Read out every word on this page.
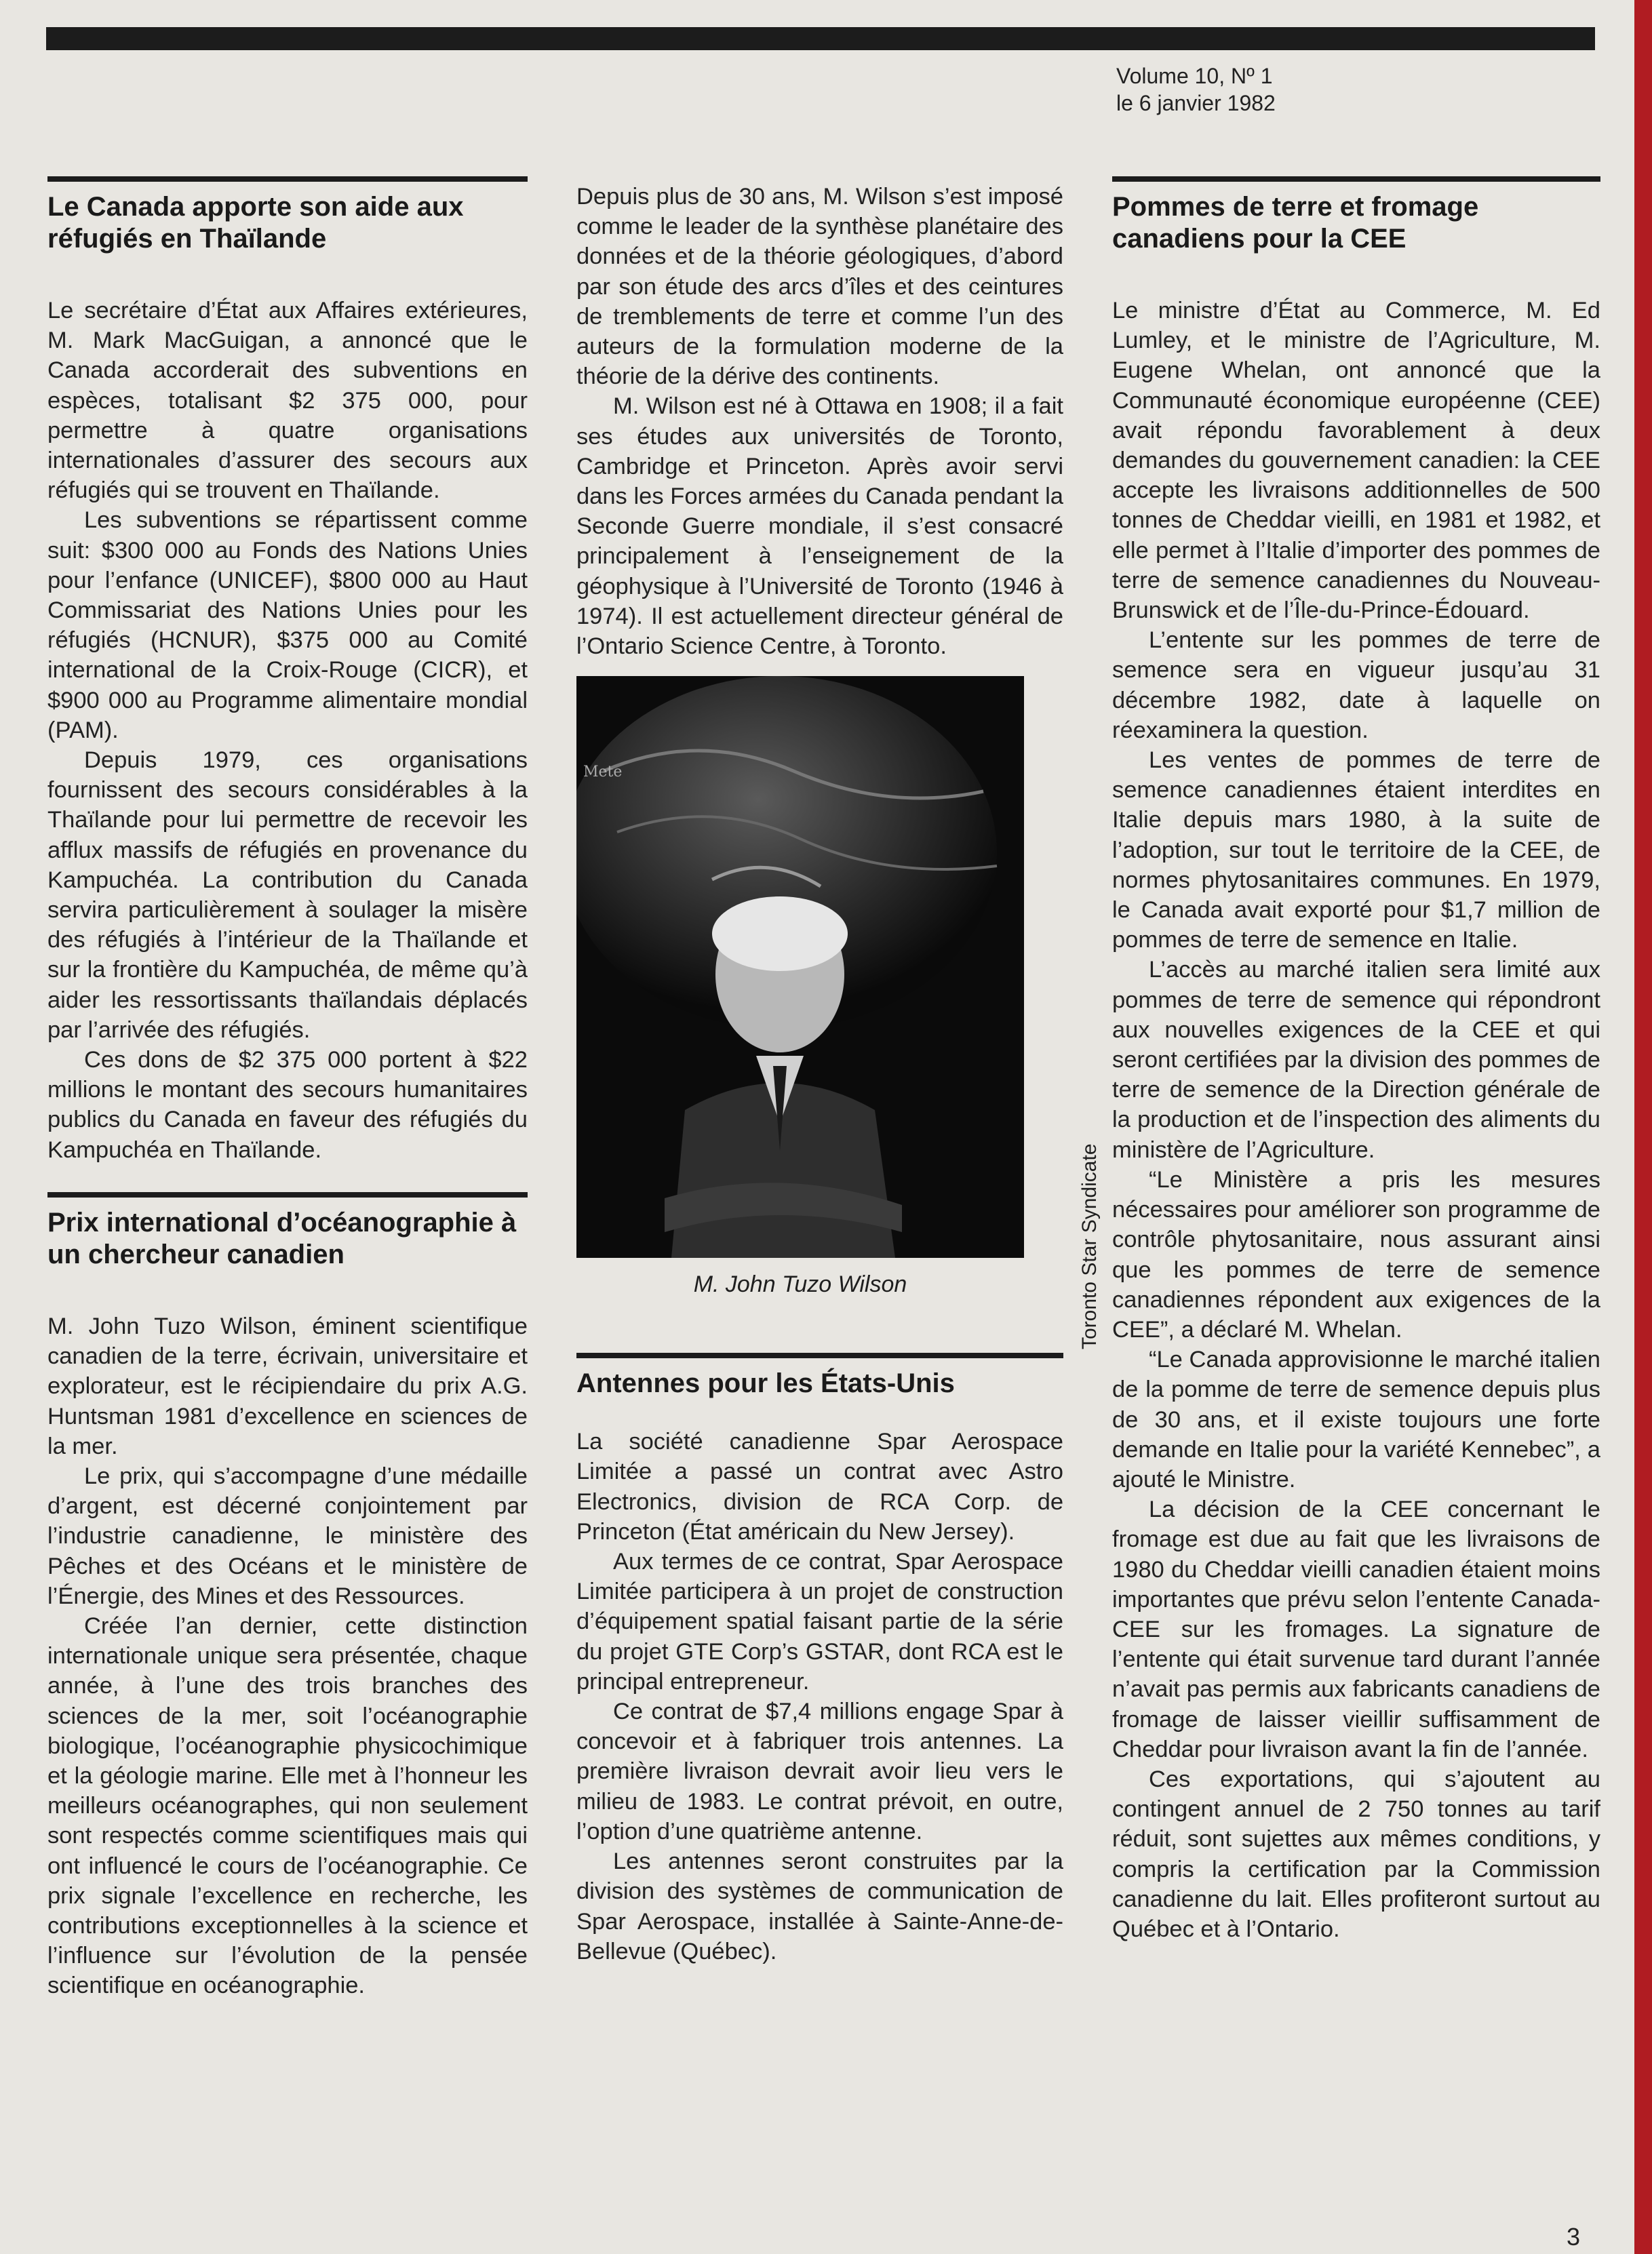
Volume 10, Nº 1
le 6 janvier 1982
Le Canada apporte son aide aux réfugiés en Thaïlande

Le secrétaire d’État aux Affaires extérieures, M. Mark MacGuigan, a annoncé que le Canada accorderait des subventions en espèces, totalisant $2 375 000, pour permettre à quatre organisations internationales d’assurer des secours aux réfugiés qui se trouvent en Thaïlande.

Les subventions se répartissent comme suit: $300 000 au Fonds des Nations Unies pour l’enfance (UNICEF), $800 000 au Haut Commissariat des Nations Unies pour les réfugiés (HCNUR), $375 000 au Comité international de la Croix-Rouge (CICR), et $900 000 au Programme alimentaire mondial (PAM).

Depuis 1979, ces organisations fournissent des secours considérables à la Thaïlande pour lui permettre de recevoir les afflux massifs de réfugiés en provenance du Kampuchéa. La contribution du Canada servira particulièrement à soulager la misère des réfugiés à l’intérieur de la Thaïlande et sur la frontière du Kampuchéa, de même qu’à aider les ressortissants thaïlandais déplacés par l’arrivée des réfugiés.

Ces dons de $2 375 000 portent à $22 millions le montant des secours humanitaires publics du Canada en faveur des réfugiés du Kampuchéa en Thaïlande.

Prix international d’océanographie à un chercheur canadien

M. John Tuzo Wilson, éminent scientifique canadien de la terre, écrivain, universitaire et explorateur, est le récipiendaire du prix A.G. Huntsman 1981 d’excellence en sciences de la mer.

Le prix, qui s’accompagne d’une médaille d’argent, est décerné conjointement par l’industrie canadienne, le ministère des Pêches et des Océans et le ministère de l’Énergie, des Mines et des Ressources.

Créée l’an dernier, cette distinction internationale unique sera présentée, chaque année, à l’une des trois branches des sciences de la mer, soit l’océanographie biologique, l’océanographie physicochimique et la géologie marine. Elle met à l’honneur les meilleurs océanographes, qui non seulement sont respectés comme scientifiques mais qui ont influencé le cours de l’océanographie. Ce prix signale l’excellence en recherche, les contributions exceptionnelles à la science et l’influence sur l’évolution de la pensée scientifique en océanographie.

Depuis plus de 30 ans, M. Wilson s’est imposé comme le leader de la synthèse planétaire des données et de la théorie géologiques, d’abord par son étude des arcs d’îles et des ceintures de tremblements de terre et comme l’un des auteurs de la formulation moderne de la théorie de la dérive des continents.

M. Wilson est né à Ottawa en 1908; il a fait ses études aux universités de Toronto, Cambridge et Princeton. Après avoir servi dans les Forces armées du Canada pendant la Seconde Guerre mondiale, il s’est consacré principalement à l’enseignement de la géophysique à l’Université de Toronto (1946 à 1974). Il est actuellement directeur général de l’Ontario Science Centre, à Toronto.

Mete
M. John Tuzo Wilson
Antennes pour les États-Unis

La société canadienne Spar Aerospace Limitée a passé un contrat avec Astro Electronics, division de RCA Corp. de Princeton (État américain du New Jersey).

Aux termes de ce contrat, Spar Aerospace Limitée participera à un projet de construction d’équipement spatial faisant partie de la série du projet GTE Corp’s GSTAR, dont RCA est le principal entrepreneur.

Ce contrat de $7,4 millions engage Spar à concevoir et à fabriquer trois antennes. La première livraison devrait avoir lieu vers le milieu de 1983. Le contrat prévoit, en outre, l’option d’une quatrième antenne.

Les antennes seront construites par la division des systèmes de communication de Spar Aerospace, installée à Sainte-Anne-de-Bellevue (Québec).

Toronto Star Syndicate
Pommes de terre et fromage canadiens pour la CEE

Le ministre d’État au Commerce, M. Ed Lumley, et le ministre de l’Agriculture, M. Eugene Whelan, ont annoncé que la Communauté économique européenne (CEE) avait répondu favorablement à deux demandes du gouvernement canadien: la CEE accepte les livraisons additionnelles de 500 tonnes de Cheddar vieilli, en 1981 et 1982, et elle permet à l’Italie d’importer des pommes de terre de semence canadiennes du Nouveau-Brunswick et de l’Île-du-Prince-Édouard.

L’entente sur les pommes de terre de semence sera en vigueur jusqu’au 31 décembre 1982, date à laquelle on réexaminera la question.

Les ventes de pommes de terre de semence canadiennes étaient interdites en Italie depuis mars 1980, à la suite de l’adoption, sur tout le territoire de la CEE, de normes phytosanitaires communes. En 1979, le Canada avait exporté pour $1,7 million de pommes de terre de semence en Italie.

L’accès au marché italien sera limité aux pommes de terre de semence qui répondront aux nouvelles exigences de la CEE et qui seront certifiées par la division des pommes de terre de semence de la Direction générale de la production et de l’inspection des aliments du ministère de l’Agriculture.

“Le Ministère a pris les mesures nécessaires pour améliorer son programme de contrôle phytosanitaire, nous assurant ainsi que les pommes de terre de semence canadiennes répondent aux exigences de la CEE”, a déclaré M. Whelan.

“Le Canada approvisionne le marché italien de la pomme de terre de semence depuis plus de 30 ans, et il existe toujours une forte demande en Italie pour la variété Kennebec”, a ajouté le Ministre.

La décision de la CEE concernant le fromage est due au fait que les livraisons de 1980 du Cheddar vieilli canadien étaient moins importantes que prévu selon l’entente Canada-CEE sur les fromages. La signature de l’entente qui était survenue tard durant l’année n’avait pas permis aux fabricants canadiens de fromage de laisser vieillir suffisamment de Cheddar pour livraison avant la fin de l’année.

Ces exportations, qui s’ajoutent au contingent annuel de 2 750 tonnes au tarif réduit, sont sujettes aux mêmes conditions, y compris la certification par la Commission canadienne du lait. Elles profiteront surtout au Québec et à l’Ontario.

3
